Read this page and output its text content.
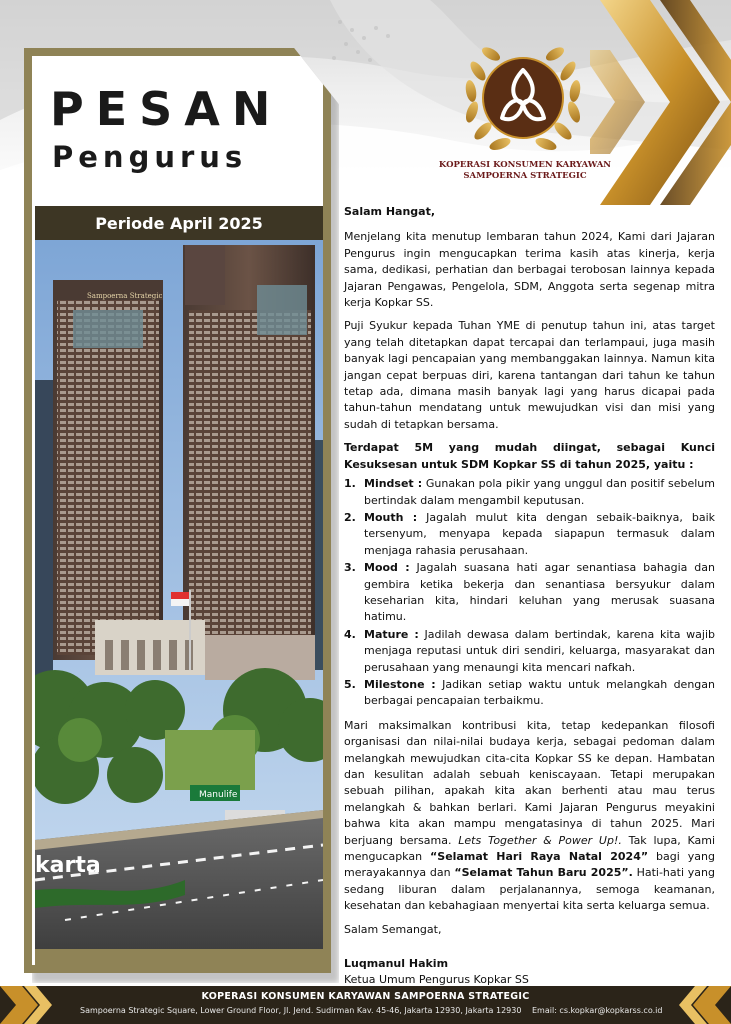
KOPERASI KONSUMEN KARYAWAN
SAMPOERNA STRATEGIC
PESAN
Pengurus
Periode April 2025
Manulife
karta
Sampoerna Strategic

Salam Hangat,

Menjelang kita menutup lembaran tahun 2024, Kami dari Jajaran Pengurus ingin mengucapkan terima kasih atas kinerja, kerja sama, dedikasi, perhatian dan berbagai terobosan lainnya kepada Jajaran Pengawas, Pengelola, SDM, Anggota serta segenap mitra kerja Kopkar SS.

Puji Syukur kepada Tuhan YME di penutup tahun ini, atas target yang telah ditetapkan dapat tercapai dan terlampaui, juga masih banyak lagi pencapaian yang membanggakan lainnya. Namun kita jangan cepat berpuas diri, karena tantangan dari tahun ke tahun tetap ada, dimana masih banyak lagi yang harus dicapai pada tahun-tahun mendatang untuk mewujudkan visi dan misi yang sudah di tetapkan bersama.

Terdapat 5M yang mudah diingat, sebagai Kunci Kesuksesan untuk SDM Kopkar SS di tahun 2025, yaitu :

1. Mindset : Gunakan pola pikir yang unggul dan positif sebelum bertindak dalam mengambil keputusan.
2. Mouth : Jagalah mulut kita dengan sebaik-baiknya, baik tersenyum, menyapa kepada siapapun termasuk dalam menjaga rahasia perusahaan.
3. Mood : Jagalah suasana hati agar senantiasa bahagia dan gembira ketika bekerja dan senantiasa bersyukur dalam keseharian kita, hindari keluhan yang merusak suasana hatimu.
4. Mature : Jadilah dewasa dalam bertindak, karena kita wajib menjaga reputasi untuk diri sendiri, keluarga, masyarakat dan perusahaan yang menaungi kita mencari nafkah.
5. Milestone : Jadikan setiap waktu untuk melangkah dengan berbagai pencapaian terbaikmu.

Mari maksimalkan kontribusi kita, tetap kedepankan filosofi organisasi dan nilai-nilai budaya kerja, sebagai pedoman dalam melangkah mewujudkan cita-cita Kopkar SS ke depan. Hambatan dan kesulitan adalah sebuah keniscayaan. Tetapi merupakan sebuah pilihan, apakah kita akan berhenti atau mau terus melangkah & bahkan berlari. Kami Jajaran Pengurus meyakini bahwa kita akan mampu mengatasinya di tahun 2025. Mari berjuang bersama. Lets Together & Power Up!. Tak lupa, Kami mengucapkan “Selamat Hari Raya Natal 2024” bagi yang merayakannya dan “Selamat Tahun Baru 2025”. Hati-hati yang sedang liburan dalam perjalanannya, semoga keamanan, kesehatan dan kebahagiaan menyertai kita serta keluarga semua.

Salam Semangat,

Luqmanul Hakim

Ketua Umum Pengurus Kopkar SS

KOPERASI KONSUMEN KARYAWAN SAMPOERNA STRATEGIC
Sampoerna Strategic Square, Lower Ground Floor, Jl. Jend. Sudirman Kav. 45-46, Jakarta 12930, Jakarta 12930 Email: cs.kopkar@kopkarss.co.id
